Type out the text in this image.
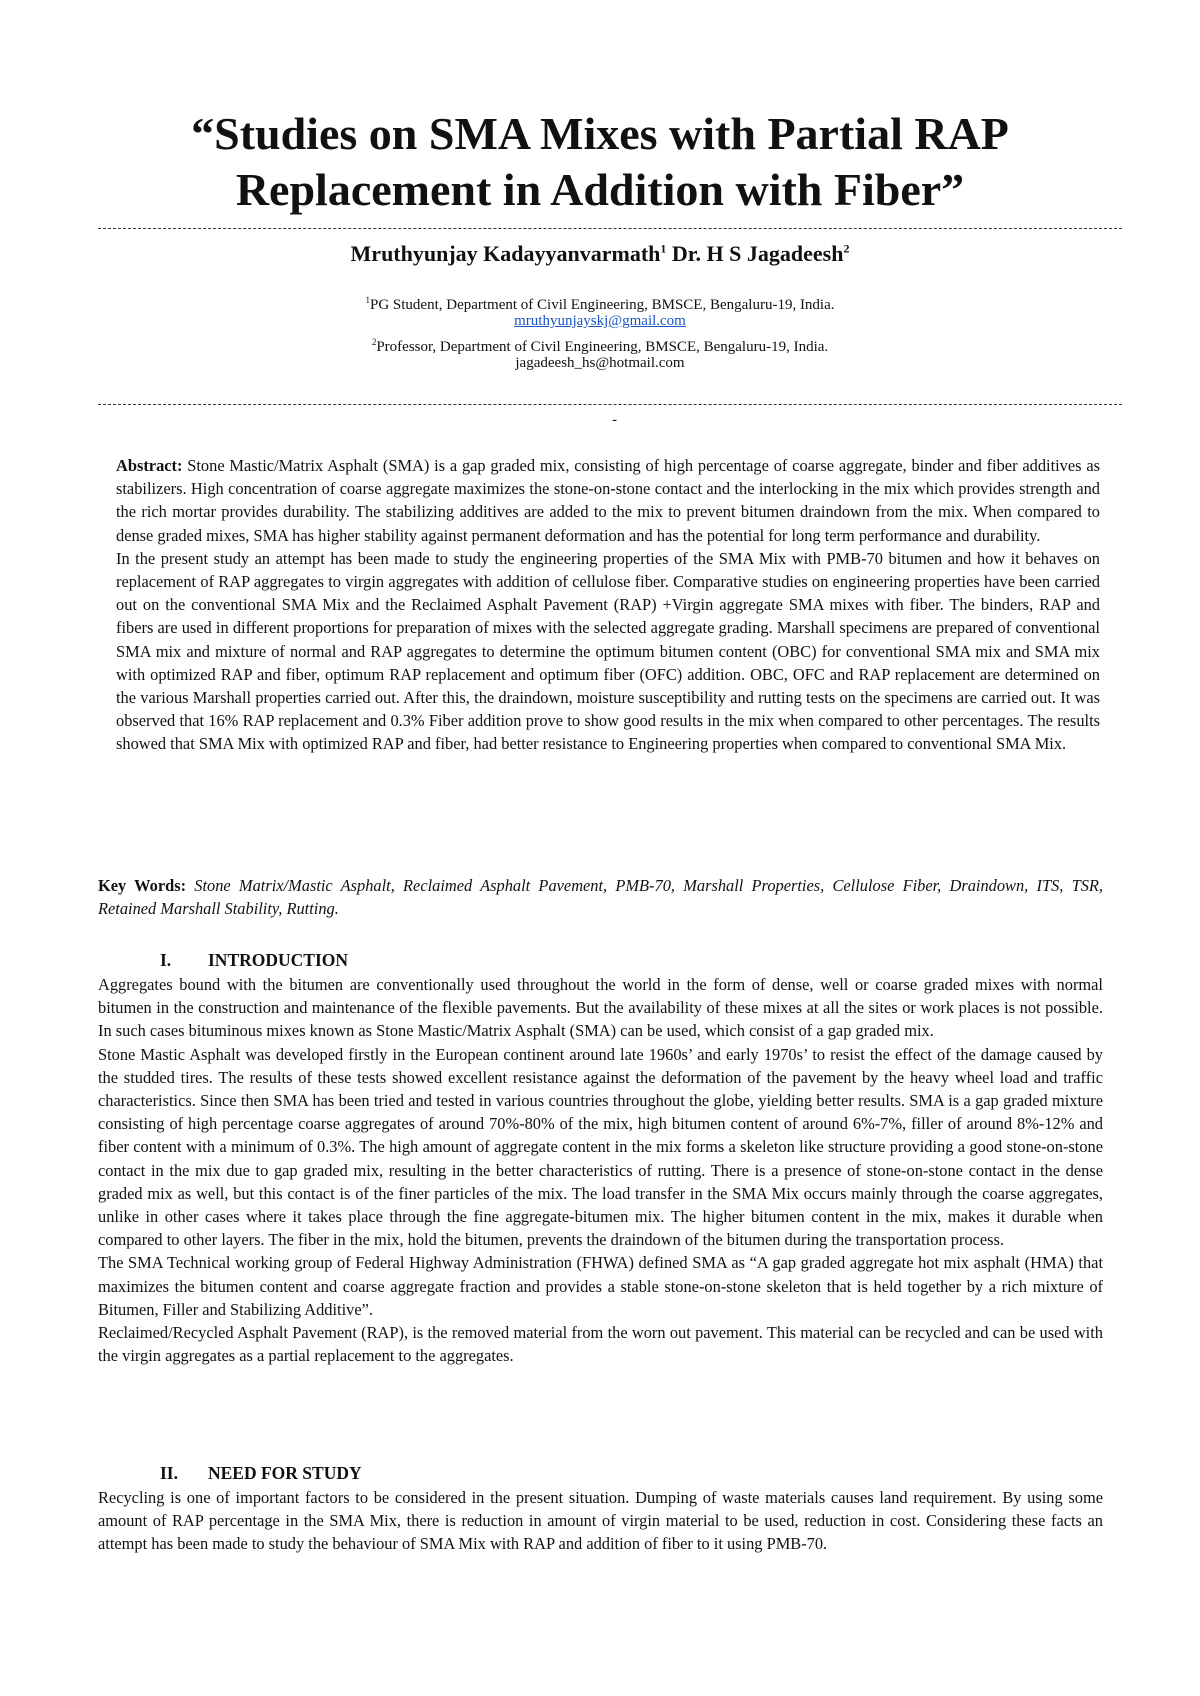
“Studies on SMA Mixes with Partial RAP
Replacement in Addition with Fiber”
Mruthyunjay Kadayyanvarmath$^1$ Dr. H S Jagadeesh$^2$
$^1$PG Student, Department of Civil Engineering, BMSCE, Bengaluru-19, India.
mruthyunjayskj@gmail.com
$^2$Professor, Department of Civil Engineering, BMSCE, Bengaluru-19, India.
jagadeesh_hs@hotmail.com
-

Abstract: Stone Mastic/Matrix Asphalt (SMA) is a gap graded mix, consisting of high percentage of coarse aggregate, binder and fiber additives as stabilizers. High concentration of coarse aggregate maximizes the stone-on-stone contact and the interlocking in the mix which provides strength and the rich mortar provides durability. The stabilizing additives are added to the mix to prevent bitumen draindown from the mix. When compared to dense graded mixes, SMA has higher stability against permanent deformation and has the potential for long term performance and durability.

In the present study an attempt has been made to study the engineering properties of the SMA Mix with PMB-70 bitumen and how it behaves on replacement of RAP aggregates to virgin aggregates with addition of cellulose fiber. Comparative studies on engineering properties have been carried out on the conventional SMA Mix and the Reclaimed Asphalt Pavement (RAP) +Virgin aggregate SMA mixes with fiber. The binders, RAP and fibers are used in different proportions for preparation of mixes with the selected aggregate grading. Marshall specimens are prepared of conventional SMA mix and mixture of normal and RAP aggregates to determine the optimum bitumen content (OBC) for conventional SMA mix and SMA mix with optimized RAP and fiber, optimum RAP replacement and optimum fiber (OFC) addition. OBC, OFC and RAP replacement are determined on the various Marshall properties carried out. After this, the draindown, moisture susceptibility and rutting tests on the specimens are carried out. It was observed that 16% RAP replacement and 0.3% Fiber addition prove to show good results in the mix when compared to other percentages. The results showed that SMA Mix with optimized RAP and fiber, had better resistance to Engineering properties when compared to conventional SMA Mix.

Key Words: Stone Matrix/Mastic Asphalt, Reclaimed Asphalt Pavement, PMB-70, Marshall Properties, Cellulose Fiber, Draindown, ITS, TSR, Retained Marshall Stability, Rutting.
I. INTRODUCTION

Aggregates bound with the bitumen are conventionally used throughout the world in the form of dense, well or coarse graded mixes with normal bitumen in the construction and maintenance of the flexible pavements. But the availability of these mixes at all the sites or work places is not possible. In such cases bituminous mixes known as Stone Mastic/Matrix Asphalt (SMA) can be used, which consist of a gap graded mix.

Stone Mastic Asphalt was developed firstly in the European continent around late 1960s’ and early 1970s’ to resist the effect of the damage caused by the studded tires. The results of these tests showed excellent resistance against the deformation of the pavement by the heavy wheel load and traffic characteristics. Since then SMA has been tried and tested in various countries throughout the globe, yielding better results. SMA is a gap graded mixture consisting of high percentage coarse aggregates of around 70%-80% of the mix, high bitumen content of around 6%-7%, filler of around 8%-12% and fiber content with a minimum of 0.3%. The high amount of aggregate content in the mix forms a skeleton like structure providing a good stone-on-stone contact in the mix due to gap graded mix, resulting in the better characteristics of rutting. There is a presence of stone-on-stone contact in the dense graded mix as well, but this contact is of the finer particles of the mix. The load transfer in the SMA Mix occurs mainly through the coarse aggregates, unlike in other cases where it takes place through the fine aggregate-bitumen mix. The higher bitumen content in the mix, makes it durable when compared to other layers. The fiber in the mix, hold the bitumen, prevents the draindown of the bitumen during the transportation process.

The SMA Technical working group of Federal Highway Administration (FHWA) defined SMA as “A gap graded aggregate hot mix asphalt (HMA) that maximizes the bitumen content and coarse aggregate fraction and provides a stable stone-on-stone skeleton that is held together by a rich mixture of Bitumen, Filler and Stabilizing Additive”.

Reclaimed/Recycled Asphalt Pavement (RAP), is the removed material from the worn out pavement. This material can be recycled and can be used with the virgin aggregates as a partial replacement to the aggregates.

II. NEED FOR STUDY

Recycling is one of important factors to be considered in the present situation. Dumping of waste materials causes land requirement. By using some amount of RAP percentage in the SMA Mix, there is reduction in amount of virgin material to be used, reduction in cost. Considering these facts an attempt has been made to study the behaviour of SMA Mix with RAP and addition of fiber to it using PMB-70.
